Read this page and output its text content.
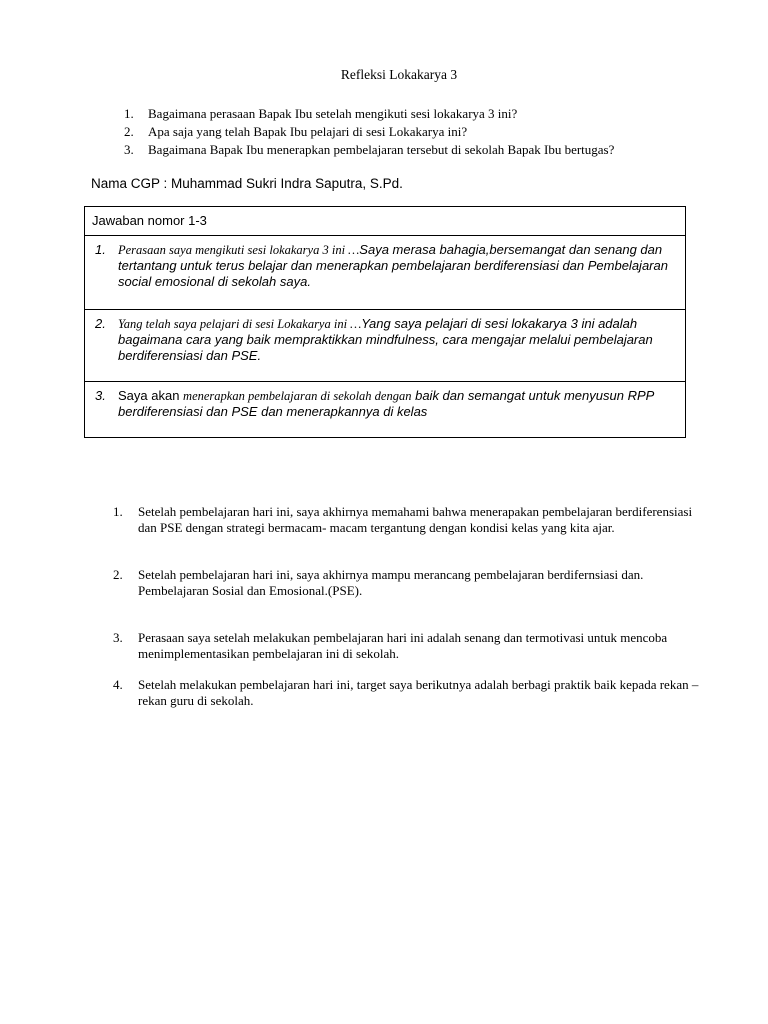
Refleksi Lokakarya 3
1.	Bagaimana perasaan Bapak Ibu setelah mengikuti sesi lokakarya 3 ini?
2.	Apa saja yang telah Bapak Ibu pelajari di sesi Lokakarya ini?
3.	Bagaimana Bapak Ibu menerapkan pembelajaran tersebut di sekolah Bapak Ibu bertugas?
Nama CGP : Muhammad Sukri Indra Saputra, S.Pd.
Jawaban nomor 1-3
1. Perasaan saya mengikuti sesi lokakarya 3 ini …Saya merasa bahagia,bersemangat dan senang dan tertantang untuk terus belajar dan menerapkan pembelajaran berdiferensiasi dan Pembelajaran social emosional di sekolah saya.
2. Yang telah saya pelajari di sesi Lokakarya ini …Yang saya pelajari di sesi lokakarya 3 ini adalah bagaimana cara yang baik mempraktikkan mindfulness, cara mengajar melalui pembelajaran berdiferensiasi dan PSE.
3. Saya akan menerapkan pembelajaran di sekolah dengan baik dan semangat untuk menyusun RPP berdiferensiasi dan PSE dan menerapkannya di kelas
1.	Setelah pembelajaran hari ini, saya akhirnya memahami bahwa menerapakan pembelajaran berdiferensiasi dan PSE dengan strategi bermacam- macam tergantung dengan kondisi kelas yang kita ajar.
2.	Setelah pembelajaran hari ini, saya akhirnya mampu merancang pembelajaran berdifernsiasi dan. Pembelajaran Sosial dan Emosional.(PSE).
3.	Perasaan saya setelah melakukan pembelajaran hari ini adalah senang dan termotivasi untuk mencoba menimplementasikan pembelajaran ini di sekolah.
4.	Setelah melakukan pembelajaran hari ini, target saya berikutnya adalah berbagi praktik baik kepada rekan – rekan guru di sekolah.
